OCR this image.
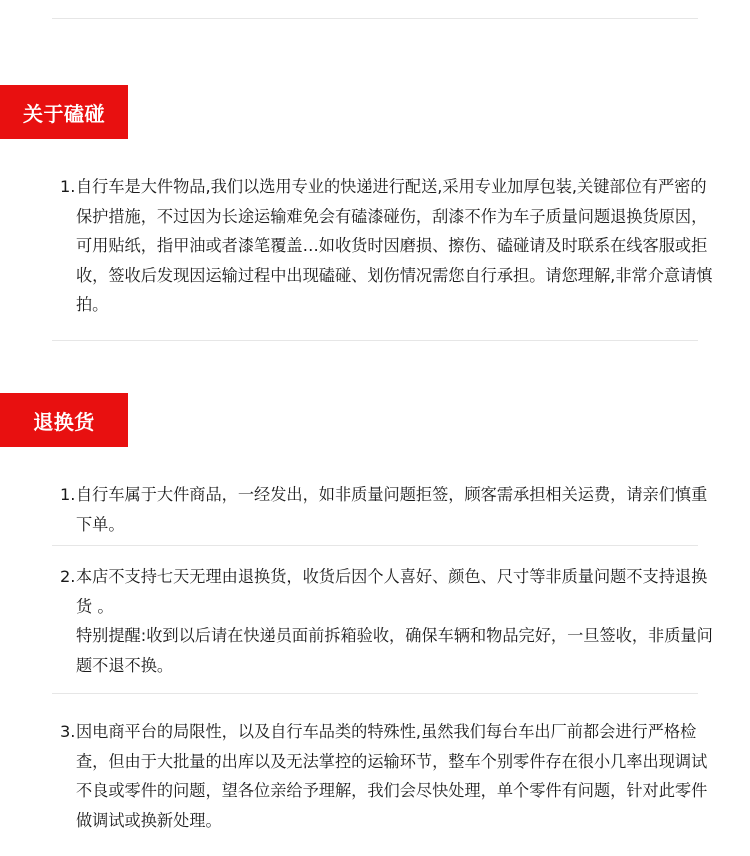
关于磕碰
1. 自行车是大件物品,我们以选用专业的快递进行配送,采用专业加厚包装,关键部位有严密的保护措施，不过因为长途运输难免会有磕漆碰伤，刮漆不作为车子质量问题退换货原因，可用贴纸，指甲油或者漆笔覆盖…如收货时因磨损、擦伤、磕碰请及时联系在线客服或拒收，签收后发现因运输过程中出现磕碰、划伤情况需您自行承担。请您理解,非常介意请慎拍。
退换货
1. 自行车属于大件商品，一经发出，如非质量问题拒签，顾客需承担相关运费，请亲们慎重下单。
2. 本店不支持七天无理由退换货，收货后因个人喜好、颜色、尺寸等非质量问题不支持退换货 。
特别提醒:收到以后请在快递员面前拆箱验收，确保车辆和物品完好，一旦签收，非质量问题不退不换。
3. 因电商平台的局限性，以及自行车品类的特殊性,虽然我们每台车出厂前都会进行严格检查，但由于大批量的出库以及无法掌控的运输环节，整车个别零件存在很小几率出现调试不良或零件的问题，望各位亲给予理解，我们会尽快处理，单个零件有问题，针对此零件做调试或换新处理。
